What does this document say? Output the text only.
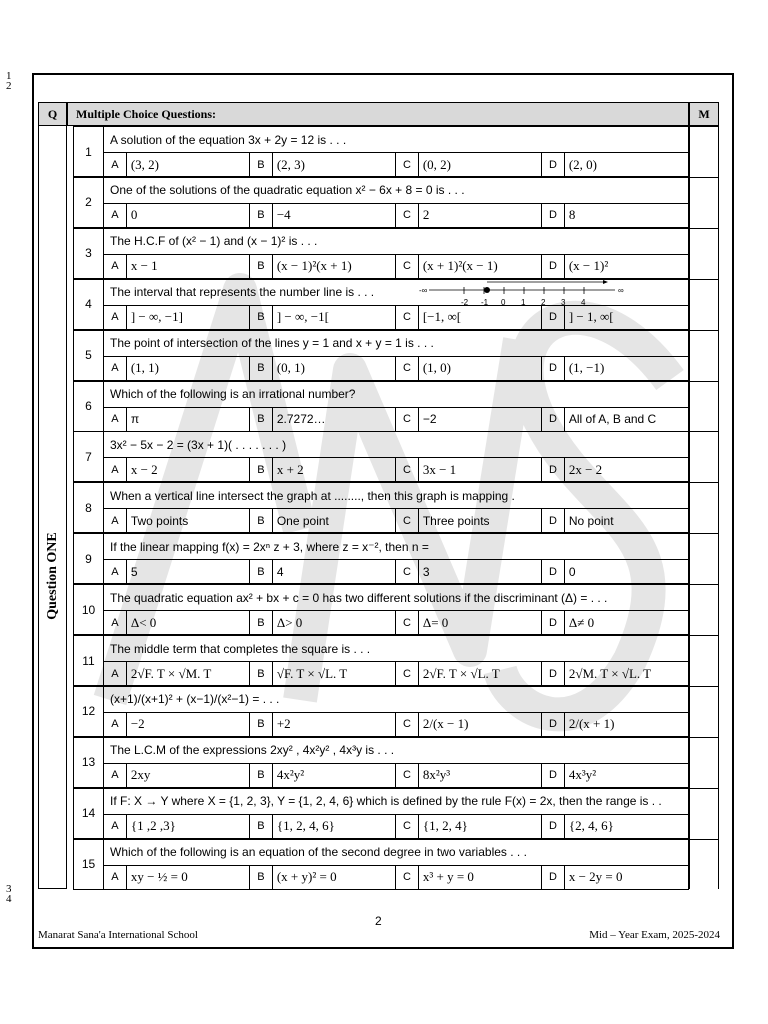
1
2
3
4
Q Multiple Choice Questions:	M
Question ONE
1
A solution of the equation 3x + 2y = 12 is . . .
A (3, 2)	B (2, 3)	C (0, 2)	D (2, 0)
2
One of the solutions of the quadratic equation x² − 6x + 8 = 0 is . . .
A 0	B −4	C 2	D 8
3
The H.C.F of (x² − 1) and (x − 1)² is . . .
A x − 1	B (x − 1)²(x + 1)	C (x + 1)²(x − 1)	D (x − 1)²
4
The interval that represents the number line is . . .
A ] − ∞, −1]	B ] − ∞, −1[	C [−1, ∞[	D ] − 1, ∞[
5
The point of intersection of the lines y = 1 and x + y = 1 is . . .
A (1, 1)	B (0, 1)	C (1, 0)	D (1, −1)
6
Which of the following is an irrational number?
A	π	B	2.7272…	C −2	D All of A, B and C
7
3x² − 5x − 2 = (3x + 1)( . . . . . . . )
A x − 2	B x + 2	C 3x − 1	D 2x − 2
8
When a vertical line intersect the graph at ........, then this graph is mapping .
A	Two points	B	One point	C Three points	D No point
9
If the linear mapping f(x) = 2xⁿ z + 3, where z = x⁻², then n =
A	5	B	4	C 3	D 0
10
The quadratic equation ax² + bx + c = 0 has two different solutions if the discriminant (Δ) = . . .
A Δ< 0	B Δ> 0	C Δ= 0	D Δ≠ 0
11
The middle term that completes the square is . . .
A 2√F. T × √M. T	B √F. T × √L. T	C 2√F. T × √L. T	D 2√M. T × √L. T
12
(x+1)/(x+1)² + (x−1)/(x²−1) = . . .
A −2	B +2	C 2/(x − 1)	D 2/(x + 1)
13
The L.C.M of the expressions 2xy² , 4x²y² , 4x³y is . . .
A 2xy	B 4x²y²	C 8x²y³	D 4x³y²
14
If F: X → Y where X = {1, 2, 3}, Y = {1, 2, 4, 6} which is defined by the rule F(x) = 2x, then the range is . .
A {1 ,2 ,3}	B {1, 2, 4, 6}	C {1, 2, 4}	D {2, 4, 6}
15
Which of the following is an equation of the second degree in two variables . . .
A xy − ½ = 0	B (x + y)² = 0	C x³ + y = 0	D x − 2y = 0
-2 -1 0 1 2 3 4
-∞	∞
2
Manarat Sana'a International School	Mid – Year Exam, 2025-2024
